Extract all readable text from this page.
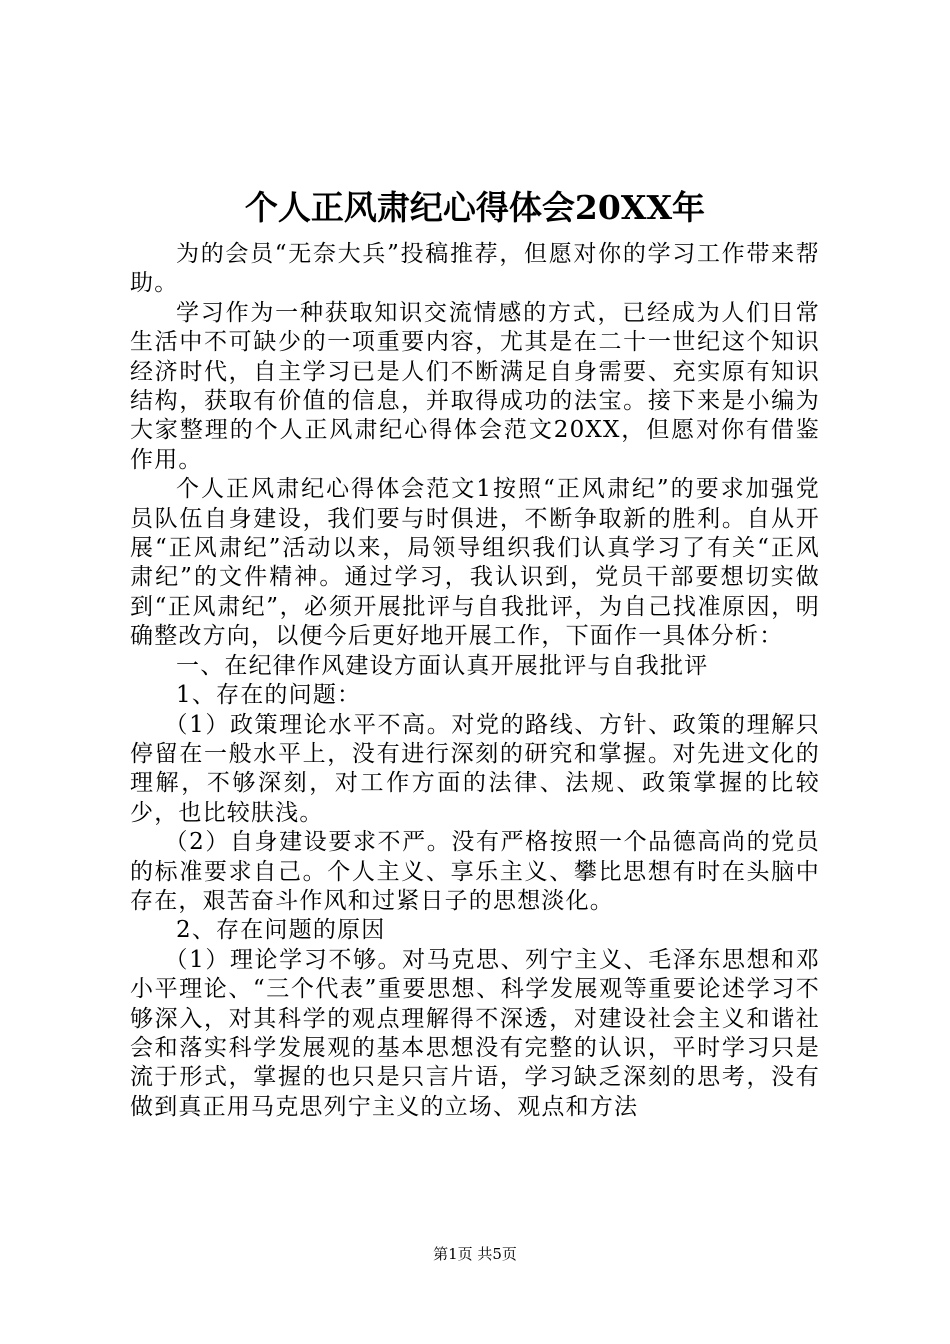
个人正风肃纪心得体会20XX年

为的会员“无奈大兵”投稿推荐，但愿对你的学习工作带来帮助。

学习作为一种获取知识交流情感的方式，已经成为人们日常生活中不可缺少的一项重要内容，尤其是在二十一世纪这个知识经济时代，自主学习已是人们不断满足自身需要、充实原有知识结构，获取有价值的信息，并取得成功的法宝。接下来是小编为大家整理的个人正风肃纪心得体会范文20XX，但愿对你有借鉴作用。

个人正风肃纪心得体会范文1按照“正风肃纪”的要求加强党员队伍自身建设，我们要与时俱进，不断争取新的胜利。自从开展“正风肃纪”活动以来，局领导组织我们认真学习了有关“正风肃纪”的文件精神。通过学习，我认识到，党员干部要想切实做到“正风肃纪”，必须开展批评与自我批评，为自己找准原因，明确整改方向，以便今后更好地开展工作，下面作一具体分析：

一、在纪律作风建设方面认真开展批评与自我批评

1、存在的问题：

（1）政策理论水平不高。对党的路线、方针、政策的理解只停留在一般水平上，没有进行深刻的研究和掌握。对先进文化的理解，不够深刻，对工作方面的法律、法规、政策掌握的比较少，也比较肤浅。

（2）自身建设要求不严。没有严格按照一个品德高尚的党员的标准要求自己。个人主义、享乐主义、攀比思想有时在头脑中存在，艰苦奋斗作风和过紧日子的思想淡化。

2、存在问题的原因

（1）理论学习不够。对马克思、列宁主义、毛泽东思想和邓小平理论、“三个代表”重要思想、科学发展观等重要论述学习不够深入，对其科学的观点理解得不深透，对建设社会主义和谐社会和落实科学发展观的基本思想没有完整的认识，平时学习只是流于形式，掌握的也只是只言片语，学习缺乏深刻的思考，没有做到真正用马克思列宁主义的立场、观点和方法

第1页 共5页
